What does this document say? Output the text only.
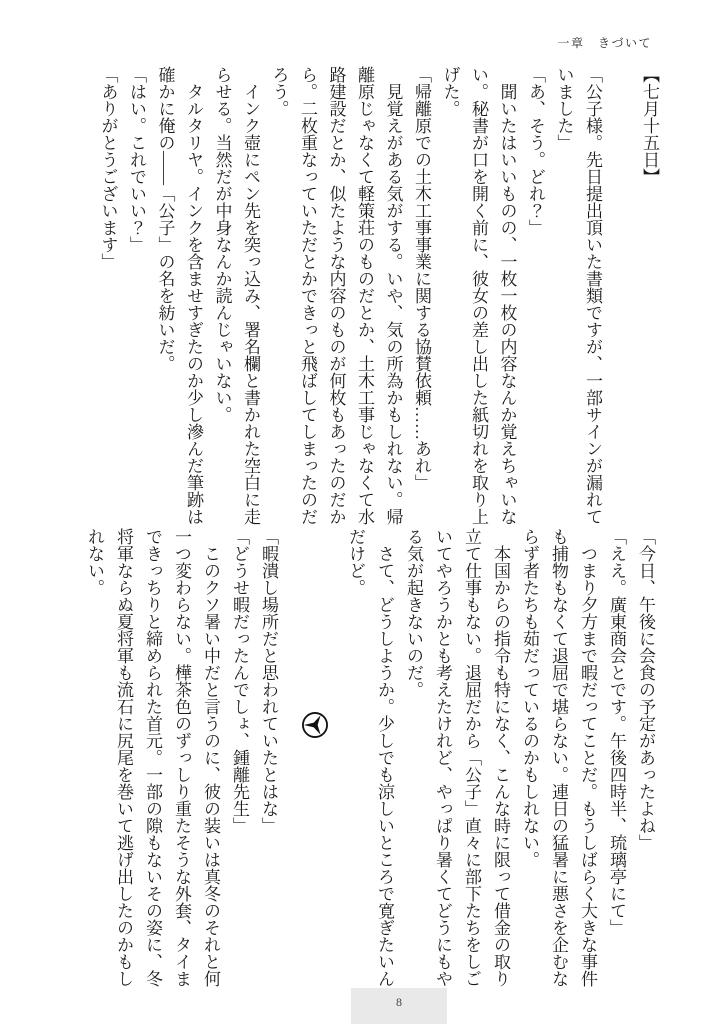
一章　きづいて
【七月十五日】

「公子様。先日提出頂いた書類ですが、一部サインが漏れて
いました」
「あ、そう。どれ？」
　聞いたはいいものの、一枚一枚の内容なんか覚えちゃいな
い。秘書が口を開く前に、彼女の差し出した紙切れを取り上
げた。
「帰離原での土木工事事業に関する協賛依頼……あれ」
　見覚えがある気がする。いや、気の所為かもしれない。帰
離原じゃなくて軽策荘のものだとか、土木工事じゃなくて水
路建設だとか、似たような内容のものが何枚もあったのだか
ら。二枚重なっていただとかできっと飛ばしてしまったのだ
ろう。
　インク壺にペン先を突っ込み、署名欄と書かれた空白に走
らせる。当然だが中身なんか読んじゃいない。
　タルタリヤ。インクを含ませすぎたのか少し滲んだ筆跡は
確かに俺の――「公子」の名を紡いだ。
「はい。これでいい？」
「ありがとうございます」
「今日、午後に会食の予定があったよね」
「ええ。廣東商会とです。午後四時半、琉璃亭にて」
　つまり夕方まで暇だってことだ。もうしばらく大きな事件
も捕物もなくて退屈で堪らない。連日の猛暑に悪さを企むな
らず者たちも茹だっているのかもしれない。
　本国からの指令も特になく、こんな時に限って借金の取り
立て仕事もない。退屈だから「公子」直々に部下たちをしご
いてやろうかとも考えたけれど、やっぱり暑くてどうにもや
る気が起きないのだ。
　さて、どうしようか。少しでも涼しいところで寛ぎたいん
だけど。

「暇潰し場所だと思われていたとはな」
「どうせ暇だったんでしょ、鍾離先生」
　このクソ暑い中だと言うのに、彼の装いは真冬のそれと何
一つ変わらない。樺茶色のずっしり重たそうな外套、タイま
できっちりと締められた首元。一部の隙もないその姿に、冬
将軍ならぬ夏将軍も流石に尻尾を巻いて逃げ出したのかもし
れない。
8
